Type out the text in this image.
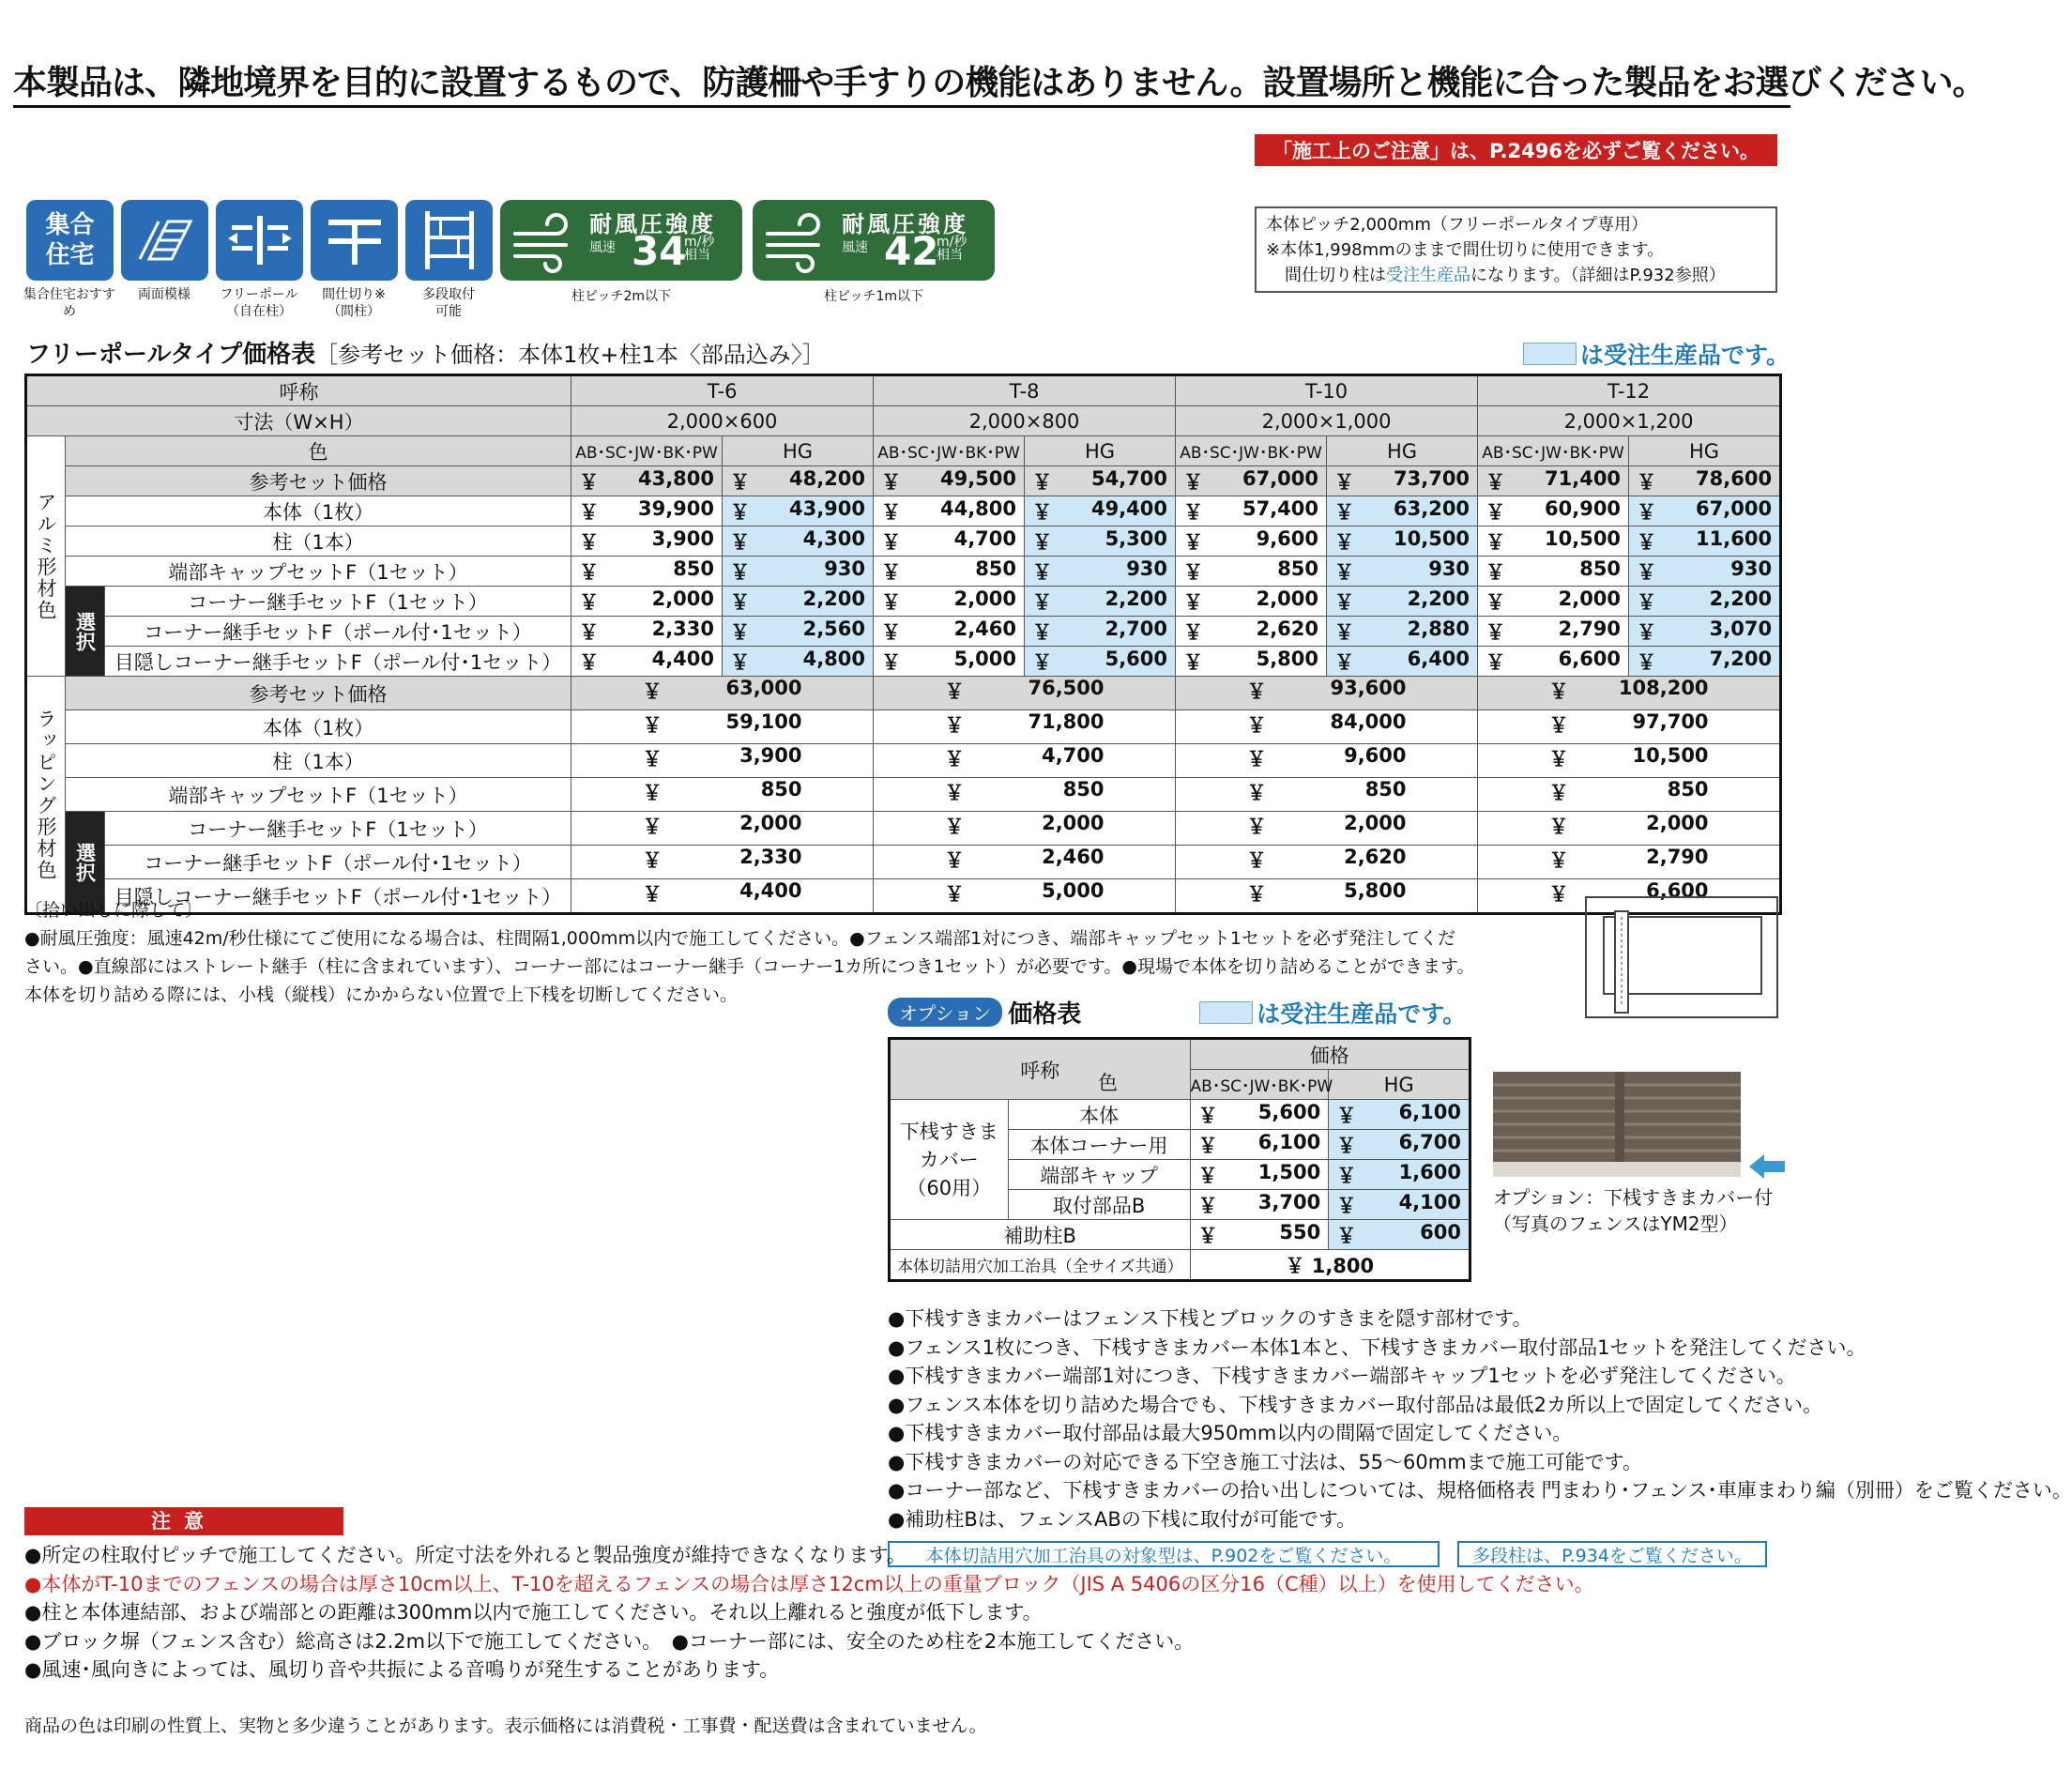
本製品は、隣地境界を目的に設置するもので、防護柵や手すりの機能はありません。設置場所と機能に合った製品をお選びください。
「施工上のご注意」は、P.2496を必ずご覧ください。
本体ピッチ2,000mm（フリーポールタイプ専用）
※本体1,998mmのままで間仕切りに使用できます。
間仕切り柱は受注生産品になります。（詳細はP.932参照）
集合
住宅
集合住宅おすすめ
両面模様	フリーポール
（自在柱）
間仕切り※
（間柱）
多段取付
可能
耐風圧強度
風速 34
m/秒
相当
柱ピッチ2m以下
耐風圧強度
風速 42
m/秒
相当
柱ピッチ1m以下
フリーポールタイプ価格表［参考セット価格：本体1枚+柱1本〈部品込み〉］	は受注生産品です。
呼称			T-6		T-8		T-10		T-12	
寸法（W×H）			2,000×600		2,000×800		2,000×1,000		2,000×1,200	
アルミ形材色	色		AB･SC･JW･BK･PW	HG	AB･SC･JW･BK･PW	HG	AB･SC･JW･BK･PW	HG	AB･SC･JW･BK･PW	HG
	参考セット価格		￥ 43,800	￥ 48,200	￥ 49,500	￥ 54,700	￥ 67,000	￥ 73,700	￥ 71,400	￥ 78,600

	本体（1枚）		￥ 39,900	￥ 43,900	￥ 44,800	￥ 49,400	￥ 57,400	￥ 63,200	￥ 60,900	￥ 67,000

	柱（1本）		￥ 3,900	￥ 4,300	￥ 4,700	￥ 5,300	￥ 9,600	￥ 10,500	￥ 10,500	￥ 11,600

	端部キャップセットF（1セット）		￥ 850	￥ 930	￥ 850	￥ 930	￥ 850	￥ 930	￥ 850	￥ 930

	選択	コーナー継手セットF（1セット）	￥ 2,000	￥ 2,200	￥ 2,000	￥ 2,200	￥ 2,000	￥ 2,200	￥ 2,000	￥ 2,200

		コーナー継手セットF（ポール付･1セット）	￥ 2,330	￥ 2,560	￥ 2,460	￥ 2,700	￥ 2,620	￥ 2,880	￥ 2,790	￥ 3,070

		目隠しコーナー継手セットF（ポール付･1セット）	￥ 4,400	￥ 4,800	￥ 5,000	￥ 5,600	￥ 5,800	￥ 6,400	￥ 6,600	￥ 7,200

ラッピング形材色	参考セット価格		￥ 63,000		￥ 76,500		￥ 93,600		￥ 108,200	

	本体（1枚）		￥ 59,100		￥ 71,800		￥ 84,000		￥ 97,700	

	柱（1本）		￥ 3,900		￥ 4,700		￥ 9,600		￥ 10,500	

	端部キャップセットF（1セット）		￥ 850		￥ 850		￥ 850		￥ 850	

	選択	コーナー継手セットF（1セット）	￥ 2,000		￥ 2,000		￥ 2,000		￥ 2,000	

		コーナー継手セットF（ポール付･1セット）	￥ 2,330		￥ 2,460		￥ 2,620		￥ 2,790	

		目隠しコーナー継手セットF（ポール付･1セット）	￥ 4,400		￥ 5,000		￥ 5,800		￥ 6,600	
〔拾い出しに際して〕
●耐風圧強度：風速42m/秒仕様にてご使用になる場合は、柱間隔1,000mm以内で施工してください。●フェンス端部1対につき、端部キャップセット1セットを必ず発注してくだ
さい。●直線部にはストレート継手（柱に含まれています）、コーナー部にはコーナー継手（コーナー1カ所につき1セット）が必要です。●現場で本体を切り詰めることができます。
本体を切り詰める際には、小桟（縦桟）にかからない位置で上下桟を切断してください。
オプション 価格表	は受注生産品です。
呼称		価格	
		AB･SC･JW･BK･PW	HG
下桟すきま
カバー
（60用）	本体	￥ 5,600	￥ 6,100

	本体コーナー用	￥ 6,100	￥ 6,700

	端部キャップ	￥ 1,500	￥ 1,600

	取付部品B	￥ 3,700	￥ 4,100

補助柱B		￥ 550	￥ 600

本体切詰用穴加工治具（全サイズ共通）		￥ 1,800	
色
オプション：下桟すきまカバー付
（写真のフェンスはYM2型）
●下桟すきまカバーはフェンス下桟とブロックのすきまを隠す部材です。
●フェンス1枚につき、下桟すきまカバー本体1本と、下桟すきまカバー取付部品1セットを発注してください。
●下桟すきまカバー端部1対につき、下桟すきまカバー端部キャップ1セットを必ず発注してください。
●フェンス本体を切り詰めた場合でも、下桟すきまカバー取付部品は最低2カ所以上で固定してください。
●下桟すきまカバー取付部品は最大950mm以内の間隔で固定してください。
●下桟すきまカバーの対応できる下空き施工寸法は、55〜60mmまで施工可能です。
●コーナー部など、下桟すきまカバーの拾い出しについては、規格価格表 門まわり･フェンス･車庫まわり編（別冊）をご覧ください。
●補助柱Bは、フェンスABの下桟に取付が可能です。
注意
本体切詰用穴加工治具の対象型は、P.902をご覧ください。	多段柱は、P.934をご覧ください。
●所定の柱取付ピッチで施工してください。所定寸法を外れると製品強度が維持できなくなります。
●本体がT-10までのフェンスの場合は厚さ10cm以上、T-10を超えるフェンスの場合は厚さ12cm以上の重量ブロック（JIS A 5406の区分16（C種）以上）を使用してください。
●柱と本体連結部、および端部との距離は300mm以内で施工してください。それ以上離れると強度が低下します。
●ブロック塀（フェンス含む）総高さは2.2m以下で施工してください。　●コーナー部には、安全のため柱を2本施工してください。
●風速･風向きによっては、風切り音や共振による音鳴りが発生することがあります。
商品の色は印刷の性質上、実物と多少違うことがあります。表示価格には消費税・工事費・配送費は含まれていません。
